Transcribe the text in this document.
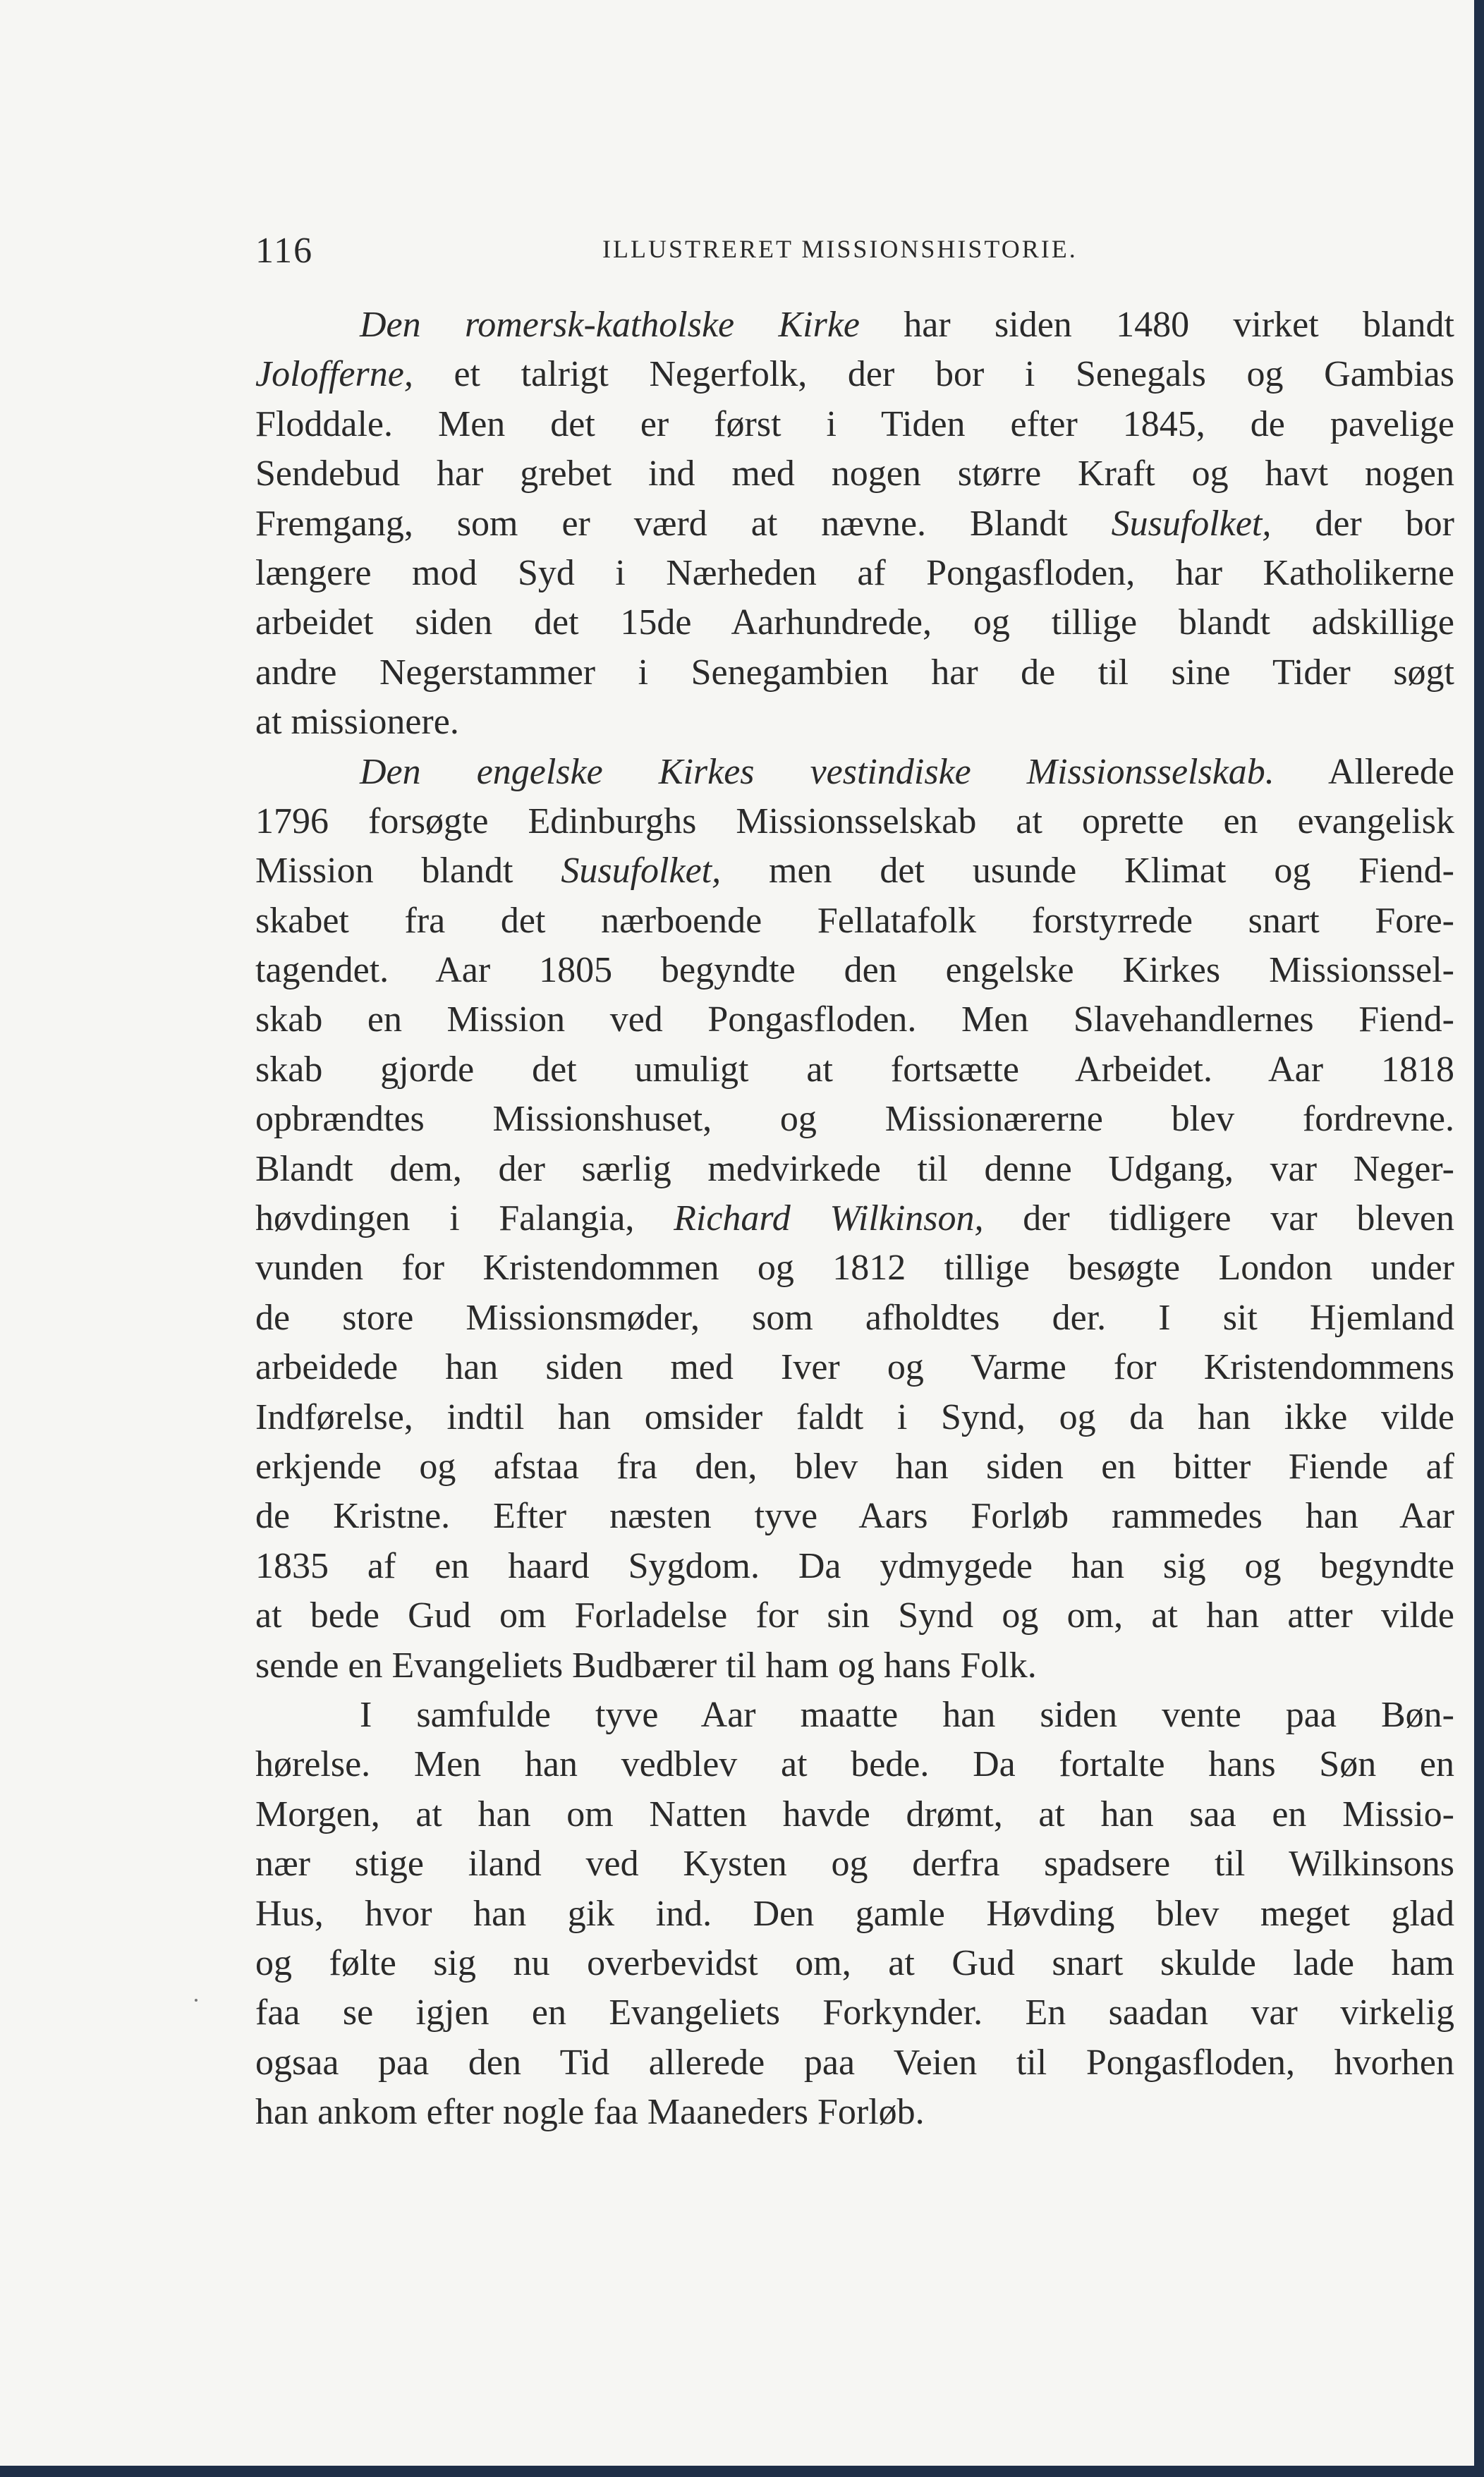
116	ILLUSTRERET MISSIONSHISTORIE.
Den romersk-katholske Kirke har siden 1480 virket blandt
Jolofferne, et talrigt Negerfolk, der bor i Senegals og Gambias
Floddale. Men det er først i Tiden efter 1845, de pavelige
Sendebud har grebet ind med nogen større Kraft og havt nogen
Fremgang, som er værd at nævne. Blandt Susufolket, der bor
længere mod Syd i Nærheden af Pongasfloden, har Katholikerne
arbeidet siden det 15de Aarhundrede, og tillige blandt adskillige
andre Negerstammer i Senegambien har de til sine Tider søgt
at missionere.
Den engelske Kirkes vestindiske Missionsselskab. Allerede
1796 forsøgte Edinburghs Missionsselskab at oprette en evangelisk
Mission blandt Susufolket, men det usunde Klimat og Fiend-
skabet fra det nærboende Fellatafolk forstyrrede snart Fore-
tagendet. Aar 1805 begyndte den engelske Kirkes Missionssel-
skab en Mission ved Pongasfloden. Men Slavehandlernes Fiend-
skab gjorde det umuligt at fortsætte Arbeidet. Aar 1818
opbrændtes Missionshuset, og Missionærerne blev fordrevne.
Blandt dem, der særlig medvirkede til denne Udgang, var Neger-
høvdingen i Falangia, Richard Wilkinson, der tidligere var bleven
vunden for Kristendommen og 1812 tillige besøgte London under
de store Missionsmøder, som afholdtes der. I sit Hjemland
arbeidede han siden med Iver og Varme for Kristendommens
Indførelse, indtil han omsider faldt i Synd, og da han ikke vilde
erkjende og afstaa fra den, blev han siden en bitter Fiende af
de Kristne. Efter næsten tyve Aars Forløb rammedes han Aar
1835 af en haard Sygdom. Da ydmygede han sig og begyndte
at bede Gud om Forladelse for sin Synd og om, at han atter vilde
sende en Evangeliets Budbærer til ham og hans Folk.
I samfulde tyve Aar maatte han siden vente paa Bøn-
hørelse. Men han vedblev at bede. Da fortalte hans Søn en
Morgen, at han om Natten havde drømt, at han saa en Missio-
nær stige iland ved Kysten og derfra spadsere til Wilkinsons
Hus, hvor han gik ind. Den gamle Høvding blev meget glad
og følte sig nu overbevidst om, at Gud snart skulde lade ham
faa se igjen en Evangeliets Forkynder. En saadan var virkelig
ogsaa paa den Tid allerede paa Veien til Pongasfloden, hvorhen
han ankom efter nogle faa Maaneders Forløb.
